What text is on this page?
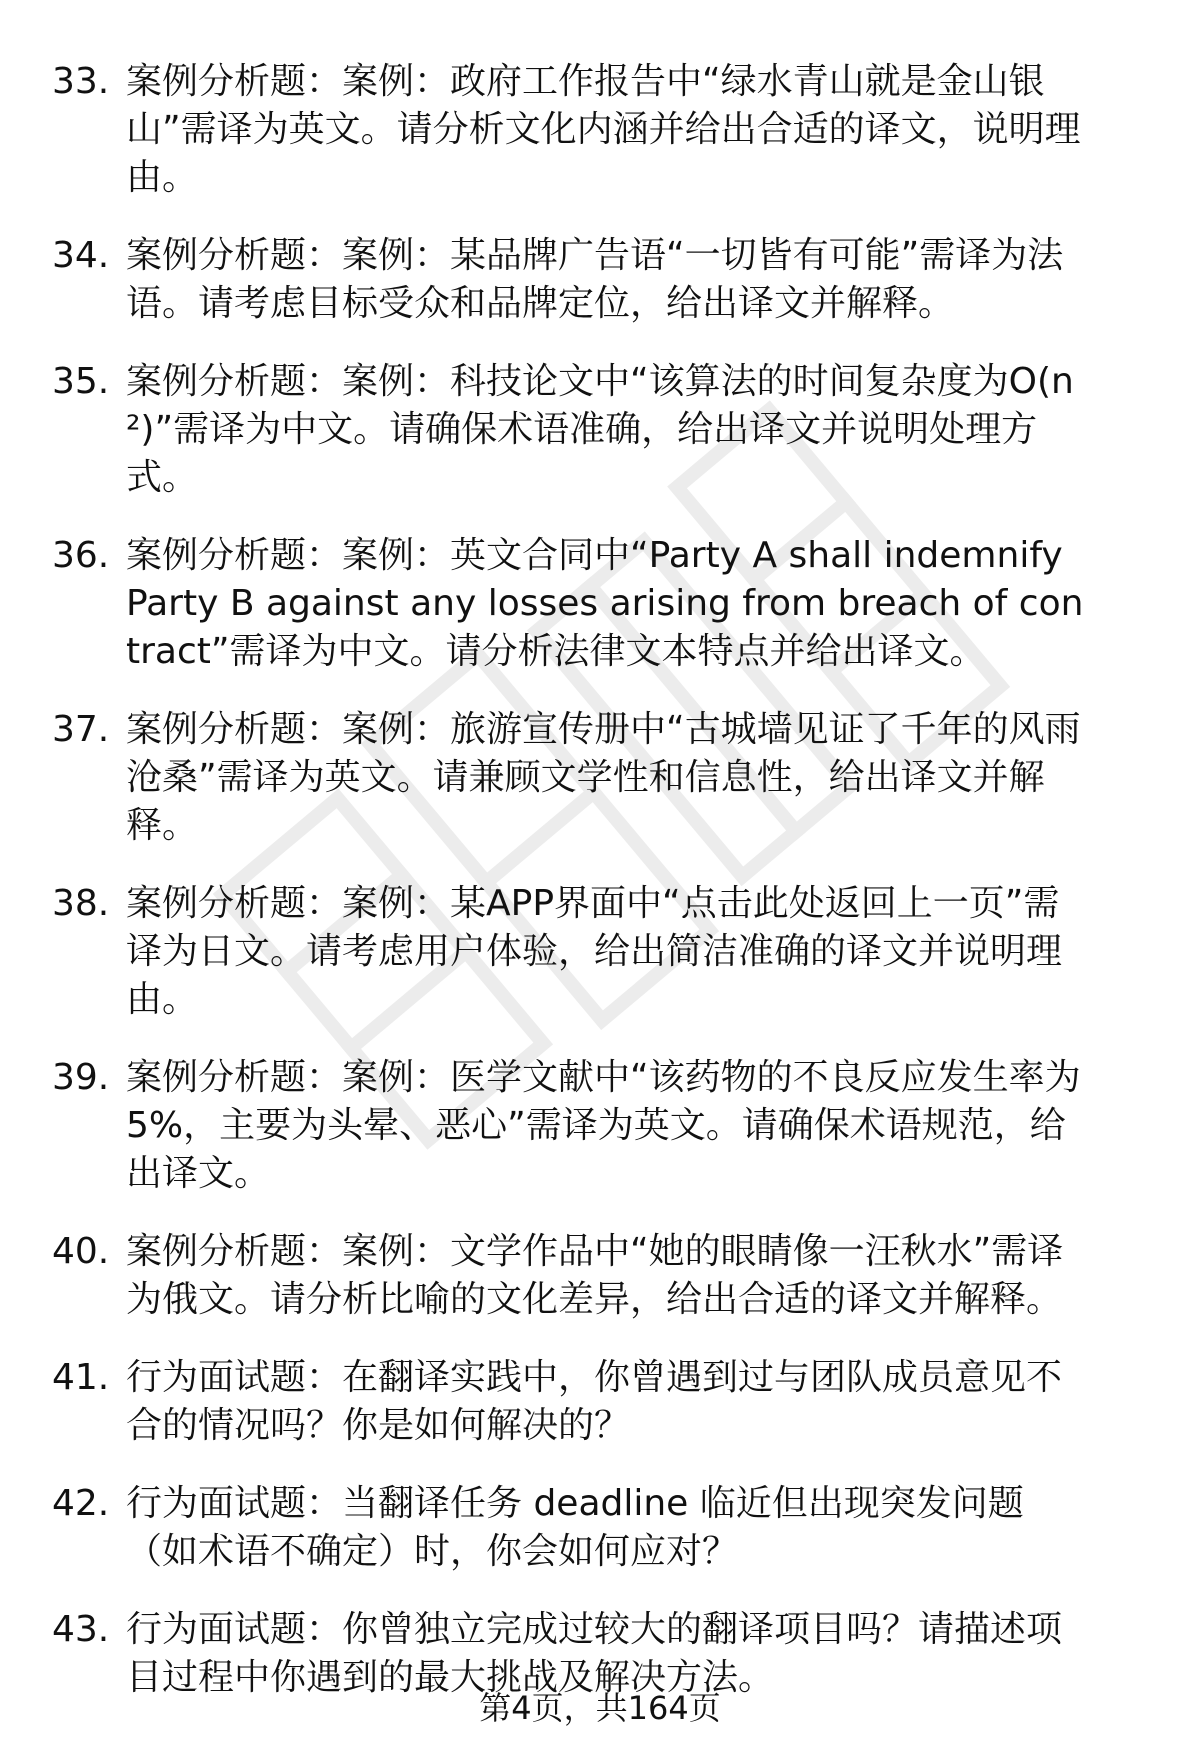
33. 案例分析题：案例：政府工作报告中“绿水青山就是金山银山”需译为英文。请分析文化内涵并给出合适的译文，说明理由。
34. 案例分析题：案例：某品牌广告语“一切皆有可能”需译为法语。请考虑目标受众和品牌定位，给出译文并解释。
35. 案例分析题：案例：科技论文中“该算法的时间复杂度为O(n²)”需译为中文。请确保术语准确，给出译文并说明处理方式。
36. 案例分析题：案例：英文合同中“Party A shall indemnify Party B against any losses arising from breach of contract”需译为中文。请分析法律文本特点并给出译文。
37. 案例分析题：案例：旅游宣传册中“古城墙见证了千年的风雨沧桑”需译为英文。请兼顾文学性和信息性，给出译文并解释。
38. 案例分析题：案例：某APP界面中“点击此处返回上一页”需译为日文。请考虑用户体验，给出简洁准确的译文并说明理由。
39. 案例分析题：案例：医学文献中“该药物的不良反应发生率为5%，主要为头晕、恶心”需译为英文。请确保术语规范，给出译文。
40. 案例分析题：案例：文学作品中“她的眼睛像一汪秋水”需译为俄文。请分析比喻的文化差异，给出合适的译文并解释。
41. 行为面试题：在翻译实践中，你曾遇到过与团队成员意见不合的情况吗？你是如何解决的？
42. 行为面试题：当翻译任务 deadline 临近但出现突发问题（如术语不确定）时，你会如何应对？
43. 行为面试题：你曾独立完成过较大的翻译项目吗？请描述项目过程中你遇到的最大挑战及解决方法。
第4页，共164页
